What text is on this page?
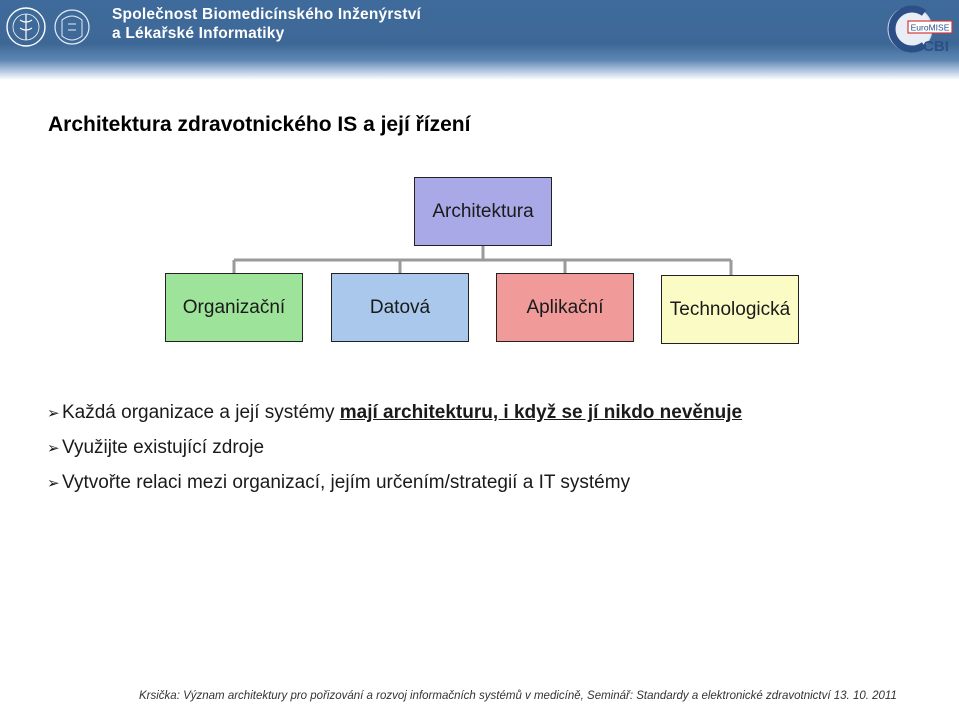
Společnost Biomedicínského Inženýrství
a Lékařské Informatiky	EuroMISE
CBI
Architektura zdravotnického IS a její řízení
Architektura
Organizační	Datová	Aplikační	Technologická
➢ Každá organizace a její systémy mají architekturu, i když se jí nikdo nevěnuje
➢ Využijte existující zdroje
➢ Vytvořte relaci mezi organizací, jejím určením/strategií a IT systémy
Krsička: Význam architektury pro pořizování a rozvoj informačních systémů v medicíně, Seminář: Standardy a elektronické zdravotnictví 13. 10. 2011
